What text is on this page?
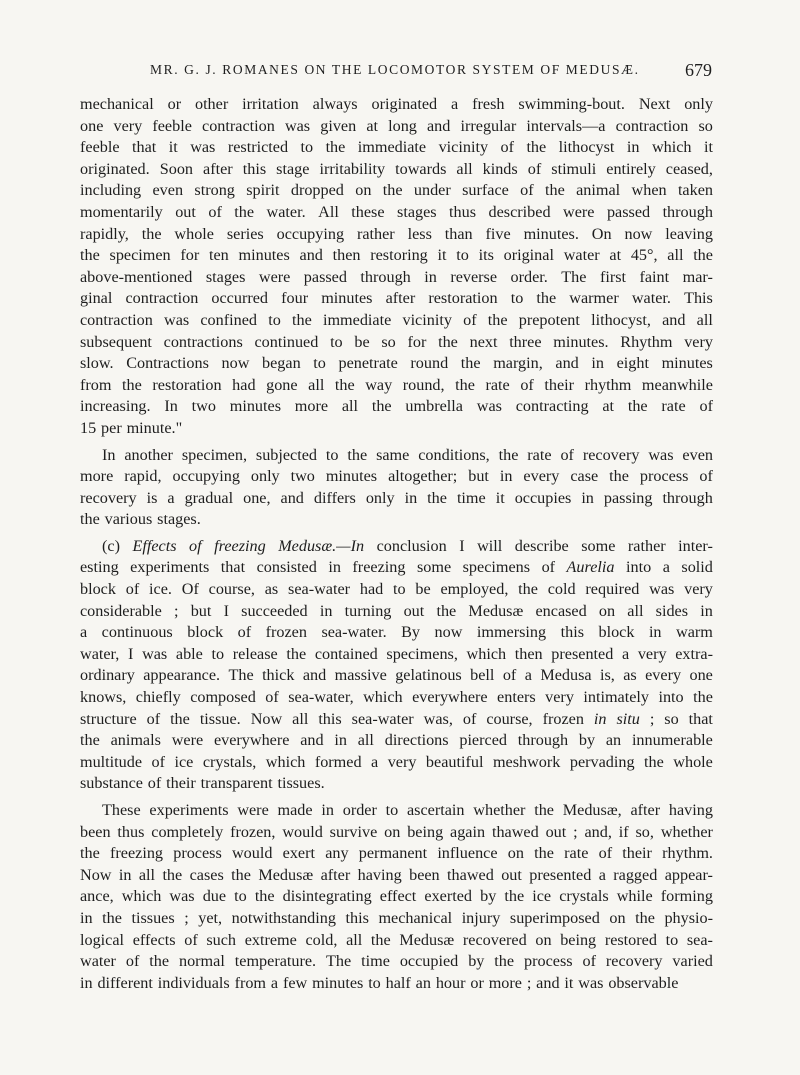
MR. G. J. ROMANES ON THE LOCOMOTOR SYSTEM OF MEDUSÆ.	679
mechanical or other irritation always originated a fresh swimming-bout. Next only
one very feeble contraction was given at long and irregular intervals—a contraction so
feeble that it was restricted to the immediate vicinity of the lithocyst in which it
originated. Soon after this stage irritability towards all kinds of stimuli entirely ceased,
including even strong spirit dropped on the under surface of the animal when taken
momentarily out of the water. All these stages thus described were passed through
rapidly, the whole series occupying rather less than five minutes. On now leaving
the specimen for ten minutes and then restoring it to its original water at 45°, all the
above-mentioned stages were passed through in reverse order. The first faint mar-
ginal contraction occurred four minutes after restoration to the warmer water. This
contraction was confined to the immediate vicinity of the prepotent lithocyst, and all
subsequent contractions continued to be so for the next three minutes. Rhythm very
slow. Contractions now began to penetrate round the margin, and in eight minutes
from the restoration had gone all the way round, the rate of their rhythm meanwhile
increasing. In two minutes more all the umbrella was contracting at the rate of
15 per minute."
In another specimen, subjected to the same conditions, the rate of recovery was even
more rapid, occupying only two minutes altogether; but in every case the process of
recovery is a gradual one, and differs only in the time it occupies in passing through
the various stages.
(c) Effects of freezing Medusæ.—In conclusion I will describe some rather inter-
esting experiments that consisted in freezing some specimens of Aurelia into a solid
block of ice. Of course, as sea-water had to be employed, the cold required was very
considerable ; but I succeeded in turning out the Medusæ encased on all sides in
a continuous block of frozen sea-water. By now immersing this block in warm
water, I was able to release the contained specimens, which then presented a very extra-
ordinary appearance. The thick and massive gelatinous bell of a Medusa is, as every one
knows, chiefly composed of sea-water, which everywhere enters very intimately into the
structure of the tissue. Now all this sea-water was, of course, frozen in situ ; so that
the animals were everywhere and in all directions pierced through by an innumerable
multitude of ice crystals, which formed a very beautiful meshwork pervading the whole
substance of their transparent tissues.
These experiments were made in order to ascertain whether the Medusæ, after having
been thus completely frozen, would survive on being again thawed out ; and, if so, whether
the freezing process would exert any permanent influence on the rate of their rhythm.
Now in all the cases the Medusæ after having been thawed out presented a ragged appear-
ance, which was due to the disintegrating effect exerted by the ice crystals while forming
in the tissues ; yet, notwithstanding this mechanical injury superimposed on the physio-
logical effects of such extreme cold, all the Medusæ recovered on being restored to sea-
water of the normal temperature. The time occupied by the process of recovery varied
in different individuals from a few minutes to half an hour or more ; and it was observable
